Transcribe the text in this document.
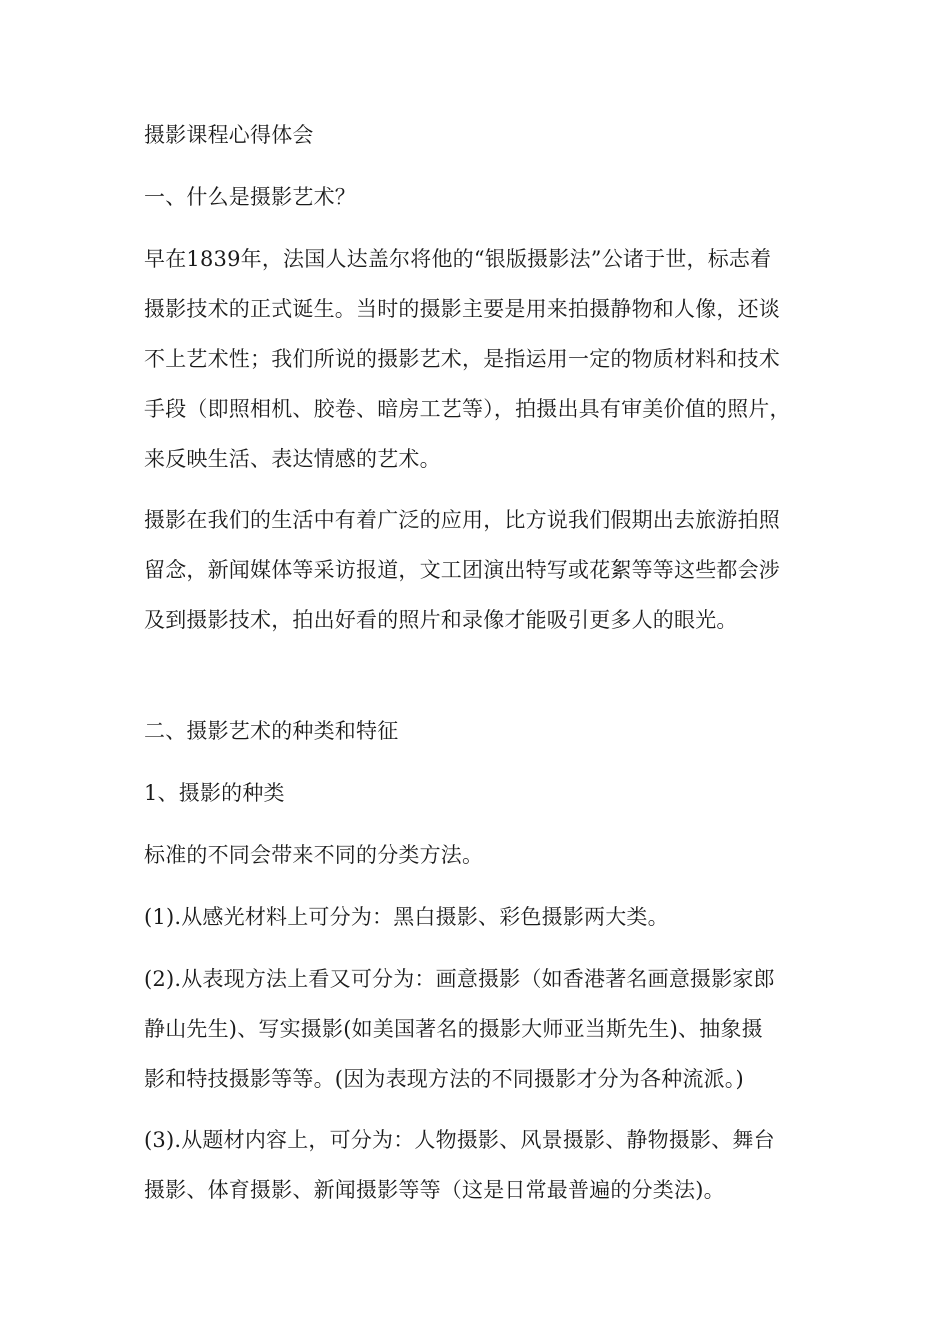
摄影课程心得体会
一、什么是摄影艺术？
早在1839年，法国人达盖尔将他的“银版摄影法”公诸于世，标志着
摄影技术的正式诞生。当时的摄影主要是用来拍摄静物和人像，还谈
不上艺术性；我们所说的摄影艺术，是指运用一定的物质材料和技术
手段（即照相机、胶卷、暗房工艺等），拍摄出具有审美价值的照片，
来反映生活、表达情感的艺术。
摄影在我们的生活中有着广泛的应用，比方说我们假期出去旅游拍照
留念，新闻媒体等采访报道，文工团演出特写或花絮等等这些都会涉
及到摄影技术，拍出好看的照片和录像才能吸引更多人的眼光。
二、摄影艺术的种类和特征
1、摄影的种类
标准的不同会带来不同的分类方法。
(1).从感光材料上可分为：黑白摄影、彩色摄影两大类。
(2).从表现方法上看又可分为：画意摄影（如香港著名画意摄影家郎
静山先生)、写实摄影(如美国著名的摄影大师亚当斯先生)、抽象摄
影和特技摄影等等。(因为表现方法的不同摄影才分为各种流派。)
(3).从题材内容上，可分为：人物摄影、风景摄影、静物摄影、舞台
摄影、体育摄影、新闻摄影等等（这是日常最普遍的分类法)。
